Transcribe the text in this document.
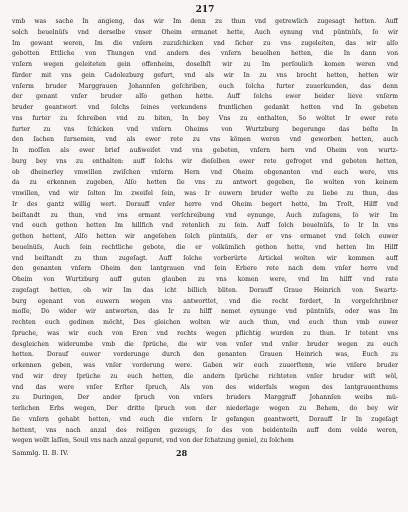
217
vmb was sache In angieng, das wir Im denn zu thun vnd getrewlich zugesagt hetten. Auff
solch beuelnüſs vnd derselbe vnser Oheim ermanet hette, Auch eynung vnd püntnüſs, ſo wir
Im gewant weren, Im die vnſern zuzuſchicken vnd ſicher zu vns zugeleiten, das wir alſo
gebotten Ettliche von Thungen vnd andern des vnſern beuolhen hetten, die In dann von
vnſern wegen geleiteten gein offenheim, doselbſt wir zu Im perſoulich komen weren vnd
fürder mit vns gein Cadolezburg gefurt, vnd als wir In zu vns brocht hetten, hetten wir
vnſerm bruder Marggrauen Johannſen geſchriben, euch ſolcha furter zuuerkunden, das denn
der genant vnſer bruder alſo gethon hette. Auff ſolchs ewer beider lieve vnſerm
bruder geantwort vnd ſolchs ſeines verkundens fruntlichen gedankt hetten vnd In gebeten
vns furter zu ſchreiben vnd zu biten, In bey Vns zu enthalten, So woltet Ir ewer rete
furter zu vns ſchicken vnd vnſern Oheims von Wurtzburg begerunge das beſte In
den ſachen ſurnemen, vnd als ewer rete zu vns kömen weren vnd geworben hetten, auch
In moſſen als ewer brief außweiſet vnd vns gebeten, vnſern hern vnd Oheim von wurtz-
burg bey vns zu enthalten: auff ſolchs wir dieſelben ewer rete gefroget vnd gebeten hetten,
ob dheinerley vmwillen zwiſchen vnſerm Hern vnd Oheim obgenanten vnd euch were, vns
da zu erkennen zugeben, Alſo hetten ſie vns zu antwort gegeben, ſie wolten von keinem
vnwillen, vnd wir ſolten Im zweifel ſein, was Ir euwern bruder weſte zu liebe zu thun, das
Ir des gantz willig wert. Dorauff vnſer herre vnd Oheim begert hette, Im Troſt, Hilff vnd
beiſtandt zu thun, vnd vns ermant verſchreibung vnd eynunge, Auch zuſagens, ſo wir Im
vnd euch gethon hetten Im hillfich vnd retenlich zu ſein. Auff ſolch beuelnüſs, ſo Ir In vns
gethon hettent, Alſo hetten wir angeſehen ſolch püntnüſs, der er vns ermanet vnd ſolch euwer
beuelnüſs, Auch ſein rechtliche gebote, die er volkümlich gethon hette, vnd hetten Im Hilff
vnd beiſtandt zu thun zugeſagt. Auff ſolche vorberürte Artickel wolten wir kommen auff
den genanten vnſern Oheim den lantgrauen vnd ſein Erbere rete nach dem vnſer herre vnd
Oheim von Wurtzburg auff guten glauben zu vns komen were, vnd Im hilff vnd rate
zugeſagt hetten, ob wir Im das icht billich bliten. Dorauff Graue Heinrich von Swartz-
burg egenant von euwern wegen vns antworttet, vnd die recht fordert, In vorgeſchribner
moſſe, Do wider wir antworten, das Ir zu hilff nemet eynunge vnd püntnüſs, oder was Im
rechten euch gedinen möcht, Des gleichen wolten wir auch thun, vnd euch thun vmb euwer
ſpruche, was wir euch von Eren vnd rechts wegen pflichtig wurden zu thun. Ir tetent vns
desgleichen widerumbe vmb die ſprüche, die wir von vnſer vnd vnſer bruder wegen zu euch
hetten. Dorauf euwer vorderunge durch den genanten Grauen Heinrich was, Euch zu
erkennen geben, was vnſer vorderung were. Gaben wir euch zuuerſtenn, wie vnſere bruder
vnd wir drey ſprüche zu euch hetten, die andern ſprüche richteten vnſer bruder wiſt wöl,
vnd das were vnſer Erſter ſpruch, Als von des widerfals wegen des lantgrauenthums
zu Duringen, Der ander ſpruch von vnſers bruders Marggraff Johannſen weibs mü-
terlichen Erbs wegen, Der dritte ſpruch von der niederlage wegen zu Behem, do bey wir
ſie vnſern gehabt hetten, vnd euch die vnſern Ir gefangen geantwortt, Dorauff Ir In zugeſagt
hettent, vns nach anzal des reiſigen gezeugs, ſo des von beidenteiln auff dem velde weren,
wegen wollt laſſen, Souil vns nach anzal gepuret, vnd von der ſchatzung geniel, zu ſolchem
Sammlg. II. B. IV.	28
